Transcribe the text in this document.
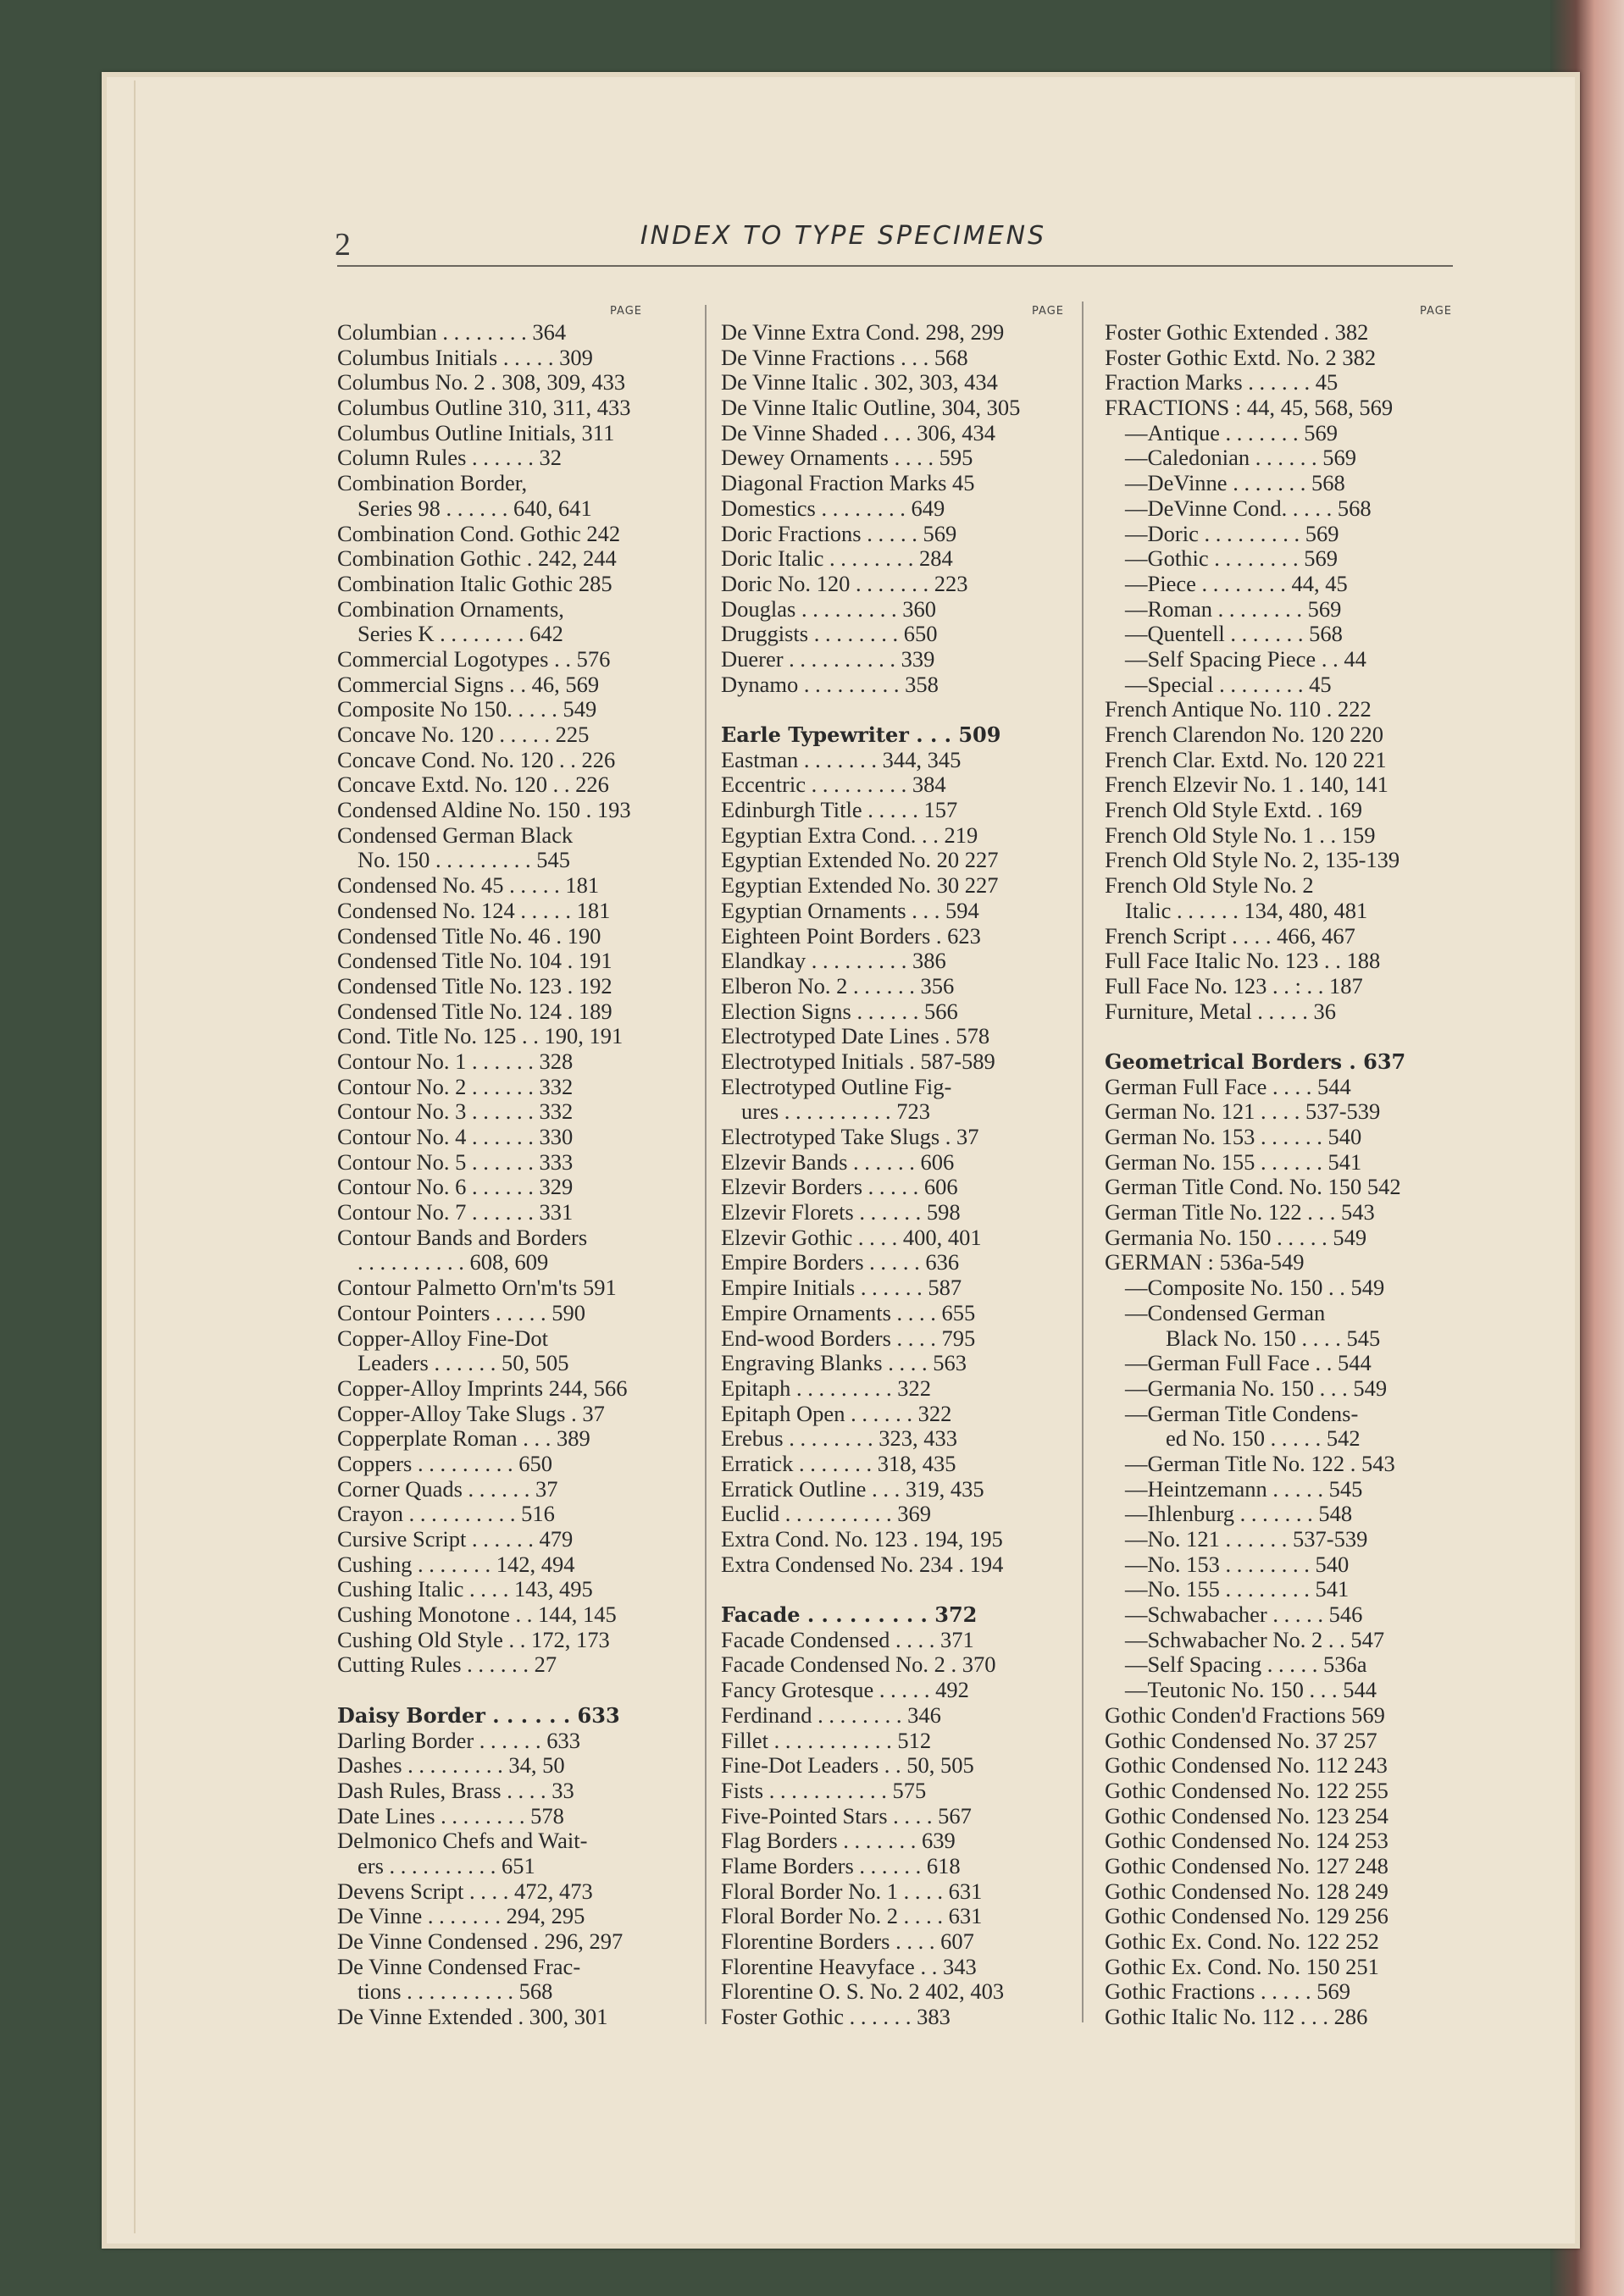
2	INDEX TO TYPE SPECIMENS
PAGE
Columbian . . . . . . . . 364
Columbus Initials . . . . . 309
Columbus No. 2 . 308, 309, 433
Columbus Outline 310, 311, 433
Columbus Outline Initials, 311
Column Rules . . . . . . 32
Combination Border,
Series 98 . . . . . . 640, 641
Combination Cond. Gothic 242
Combination Gothic . 242, 244
Combination Italic Gothic 285
Combination Ornaments,
Series K . . . . . . . . 642
Commercial Logotypes . . 576
Commercial Signs . . 46, 569
Composite No 150. . . . . 549
Concave No. 120 . . . . . 225
Concave Cond. No. 120 . . 226
Concave Extd. No. 120 . . 226
Condensed Aldine No. 150 . 193
Condensed German Black
No. 150 . . . . . . . . . 545
Condensed No. 45 . . . . . 181
Condensed No. 124 . . . . . 181
Condensed Title No. 46 . 190
Condensed Title No. 104 . 191
Condensed Title No. 123 . 192
Condensed Title No. 124 . 189
Cond. Title No. 125 . . 190, 191
Contour No. 1 . . . . . . 328
Contour No. 2 . . . . . . 332
Contour No. 3 . . . . . . 332
Contour No. 4 . . . . . . 330
Contour No. 5 . . . . . . 333
Contour No. 6 . . . . . . 329
Contour No. 7 . . . . . . 331
Contour Bands and Borders
. . . . . . . . . . 608, 609
Contour Palmetto Orn'm'ts 591
Contour Pointers . . . . . 590
Copper-Alloy Fine-Dot
Leaders . . . . . . 50, 505
Copper-Alloy Imprints 244, 566
Copper-Alloy Take Slugs . 37
Copperplate Roman . . . 389
Coppers . . . . . . . . . 650
Corner Quads . . . . . . 37
Crayon . . . . . . . . . . 516
Cursive Script . . . . . . 479
Cushing . . . . . . . 142, 494
Cushing Italic . . . . 143, 495
Cushing Monotone . . 144, 145
Cushing Old Style . . 172, 173
Cutting Rules . . . . . . 27
Daisy Border . . . . . . 633
Darling Border . . . . . . 633
Dashes . . . . . . . . . 34, 50
Dash Rules, Brass . . . . 33
Date Lines . . . . . . . . 578
Delmonico Chefs and Wait-
ers . . . . . . . . . . 651
Devens Script . . . . 472, 473
De Vinne . . . . . . . 294, 295
De Vinne Condensed . 296, 297
De Vinne Condensed Frac-
tions . . . . . . . . . . 568
De Vinne Extended . 300, 301
PAGE
De Vinne Extra Cond. 298, 299
De Vinne Fractions . . . 568
De Vinne Italic . 302, 303, 434
De Vinne Italic Outline, 304, 305
De Vinne Shaded . . . 306, 434
Dewey Ornaments . . . . 595
Diagonal Fraction Marks 45
Domestics . . . . . . . . 649
Doric Fractions . . . . . 569
Doric Italic . . . . . . . . 284
Doric No. 120 . . . . . . . 223
Douglas . . . . . . . . . 360
Druggists . . . . . . . . 650
Duerer . . . . . . . . . . 339
Dynamo . . . . . . . . . 358
Earle Typewriter . . . 509
Eastman . . . . . . . 344, 345
Eccentric . . . . . . . . . 384
Edinburgh Title . . . . . 157
Egyptian Extra Cond. . . 219
Egyptian Extended No. 20 227
Egyptian Extended No. 30 227
Egyptian Ornaments . . . 594
Eighteen Point Borders . 623
Elandkay . . . . . . . . . 386
Elberon No. 2 . . . . . . 356
Election Signs . . . . . . 566
Electrotyped Date Lines . 578
Electrotyped Initials . 587-589
Electrotyped Outline Fig-
ures . . . . . . . . . . 723
Electrotyped Take Slugs . 37
Elzevir Bands . . . . . . 606
Elzevir Borders . . . . . 606
Elzevir Florets . . . . . . 598
Elzevir Gothic . . . . 400, 401
Empire Borders . . . . . 636
Empire Initials . . . . . . 587
Empire Ornaments . . . . 655
End-wood Borders . . . . 795
Engraving Blanks . . . . 563
Epitaph . . . . . . . . . 322
Epitaph Open . . . . . . 322
Erebus . . . . . . . . 323, 433
Erratick . . . . . . . 318, 435
Erratick Outline . . . 319, 435
Euclid . . . . . . . . . . 369
Extra Cond. No. 123 . 194, 195
Extra Condensed No. 234 . 194
Facade . . . . . . . . . 372
Facade Condensed . . . . 371
Facade Condensed No. 2 . 370
Fancy Grotesque . . . . . 492
Ferdinand . . . . . . . . 346
Fillet . . . . . . . . . . . 512
Fine-Dot Leaders . . 50, 505
Fists . . . . . . . . . . . 575
Five-Pointed Stars . . . . 567
Flag Borders . . . . . . . 639
Flame Borders . . . . . . 618
Floral Border No. 1 . . . . 631
Floral Border No. 2 . . . . 631
Florentine Borders . . . . 607
Florentine Heavyface . . 343
Florentine O. S. No. 2 402, 403
Foster Gothic . . . . . . 383
PAGE
Foster Gothic Extended . 382
Foster Gothic Extd. No. 2 382
Fraction Marks . . . . . . 45
FRACTIONS : 44, 45, 568, 569
—Antique . . . . . . . 569
—Caledonian . . . . . . 569
—DeVinne . . . . . . . 568
—DeVinne Cond. . . . . 568
—Doric . . . . . . . . . 569
—Gothic . . . . . . . . 569
—Piece . . . . . . . . 44, 45
—Roman . . . . . . . . 569
—Quentell . . . . . . . 568
—Self Spacing Piece . . 44
—Special . . . . . . . . 45
French Antique No. 110 . 222
French Clarendon No. 120 220
French Clar. Extd. No. 120 221
French Elzevir No. 1 . 140, 141
French Old Style Extd. . 169
French Old Style No. 1 . . 159
French Old Style No. 2, 135-139
French Old Style No. 2
Italic . . . . . . 134, 480, 481
French Script . . . . 466, 467
Full Face Italic No. 123 . . 188
Full Face No. 123 . . : . . 187
Furniture, Metal . . . . . 36
Geometrical Borders . 637
German Full Face . . . . 544
German No. 121 . . . . 537-539
German No. 153 . . . . . . 540
German No. 155 . . . . . . 541
German Title Cond. No. 150 542
German Title No. 122 . . . 543
Germania No. 150 . . . . . 549
GERMAN : 536a-549
—Composite No. 150 . . 549
—Condensed German
Black No. 150 . . . . 545
—German Full Face . . 544
—Germania No. 150 . . . 549
—German Title Condens-
ed No. 150 . . . . . 542
—German Title No. 122 . 543
—Heintzemann . . . . . 545
—Ihlenburg . . . . . . . 548
—No. 121 . . . . . . 537-539
—No. 153 . . . . . . . . 540
—No. 155 . . . . . . . . 541
—Schwabacher . . . . . 546
—Schwabacher No. 2 . . 547
—Self Spacing . . . . . 536a
—Teutonic No. 150 . . . 544
Gothic Conden'd Fractions 569
Gothic Condensed No. 37 257
Gothic Condensed No. 112 243
Gothic Condensed No. 122 255
Gothic Condensed No. 123 254
Gothic Condensed No. 124 253
Gothic Condensed No. 127 248
Gothic Condensed No. 128 249
Gothic Condensed No. 129 256
Gothic Ex. Cond. No. 122 252
Gothic Ex. Cond. No. 150 251
Gothic Fractions . . . . . 569
Gothic Italic No. 112 . . . 286
